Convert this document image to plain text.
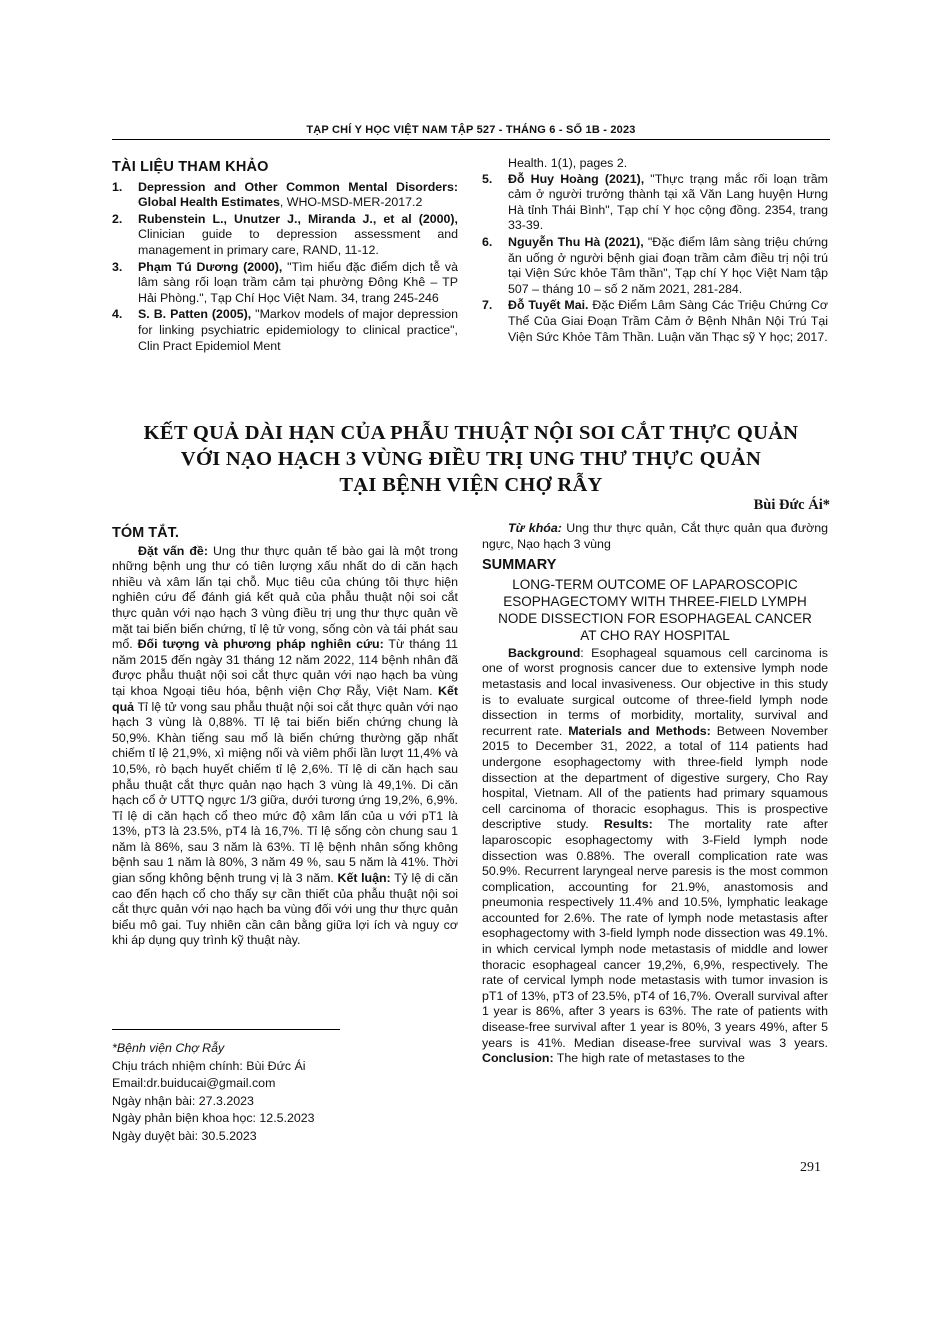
TẠP CHÍ Y HỌC VIỆT NAM TẬP 527 - THÁNG 6 - SỐ 1B - 2023
TÀI LIỆU THAM KHẢO
1. Depression and Other Common Mental Disorders: Global Health Estimates, WHO-MSD-MER-2017.2
2. Rubenstein L., Unutzer J., Miranda J., et al (2000), Clinician guide to depression assessment and management in primary care, RAND, 11-12.
3. Phạm Tú Dương (2000), "Tìm hiểu đặc điểm dịch tễ và lâm sàng rối loạn trầm cảm tại phường Đông Khê – TP Hải Phòng.", Tạp Chí Học Việt Nam. 34, trang 245-246
4. S. B. Patten (2005), "Markov models of major depression for linking psychiatric epidemiology to clinical practice", Clin Pract Epidemiol Ment
Health. 1(1), pages 2.
5. Đỗ Huy Hoàng (2021), "Thực trạng mắc rối loạn trầm cảm ở người trưởng thành tại xã Văn Lang huyện Hưng Hà tỉnh Thái Bình", Tạp chí Y học cộng đồng. 2354, trang 33-39.
6. Nguyễn Thu Hà (2021), "Đặc điểm lâm sàng triệu chứng ăn uống ở người bệnh giai đoạn trầm cảm điều trị nội trú tại Viện Sức khỏe Tâm thần", Tạp chí Y học Việt Nam tập 507 – tháng 10 – số 2 năm 2021, 281-284.
7. Đỗ Tuyết Mai. Đặc Điểm Lâm Sàng Các Triệu Chứng Cơ Thể Của Giai Đoạn Trầm Cảm ở Bệnh Nhân Nội Trú Tại Viện Sức Khỏe Tâm Thần. Luận văn Thạc sỹ Y học; 2017.
KẾT QUẢ DÀI HẠN CỦA PHẪU THUẬT NỘI SOI CẮT THỰC QUẢN
VỚI NẠO HẠCH 3 VÙNG ĐIỀU TRỊ UNG THƯ THỰC QUẢN
TẠI BỆNH VIỆN CHỢ RẪY
Bùi Đức Ái*
TÓM TẮT.

Đặt vấn đề: Ung thư thực quản tế bào gai là một trong những bệnh ung thư có tiên lượng xấu nhất do di căn hạch nhiều và xâm lấn tại chỗ. Mục tiêu của chúng tôi thực hiện nghiên cứu để đánh giá kết quả của phẫu thuật nội soi cắt thực quản với nạo hạch 3 vùng điều trị ung thư thực quản về mặt tai biến biến chứng, tỉ lệ tử vong, sống còn và tái phát sau mổ. Đối tượng và phương pháp nghiên cứu: Từ tháng 11 năm 2015 đến ngày 31 tháng 12 năm 2022, 114 bệnh nhân đã được phẫu thuật nội soi cắt thực quản với nạo hạch ba vùng tại khoa Ngoại tiêu hóa, bệnh viện Chợ Rẫy, Việt Nam. Kết quả Tỉ lệ tử vong sau phẫu thuật nội soi cắt thực quản với nạo hạch 3 vùng là 0,88%. Tỉ lệ tai biến biến chứng chung là 50,9%. Khàn tiếng sau mổ là biến chứng thường gặp nhất chiếm tỉ lệ 21,9%, xì miệng nối và viêm phổi lần lượt 11,4% và 10,5%, rò bạch huyết chiếm tỉ lệ 2,6%. Tỉ lệ di căn hạch sau phẫu thuật cắt thực quản nạo hạch 3 vùng là 49,1%. Di căn hạch cổ ở UTTQ ngực 1/3 giữa, dưới tương ứng 19,2%, 6,9%. Tỉ lệ di căn hạch cổ theo mức độ xâm lấn của u với pT1 là 13%, pT3 là 23.5%, pT4 là 16,7%. Tỉ lệ sống còn chung sau 1 năm là 86%, sau 3 năm là 63%. Tỉ lệ bệnh nhân sống không bệnh sau 1 năm là 80%, 3 năm 49 %, sau 5 năm là 41%. Thời gian sống không bệnh trung vị là 3 năm. Kết luận: Tỷ lệ di căn cao đến hạch cổ cho thấy sự cần thiết của phẫu thuật nội soi cắt thực quản với nạo hạch ba vùng đối với ung thư thực quản biểu mô gai. Tuy nhiên cần cân bằng giữa lợi ích và nguy cơ khi áp dụng quy trình kỹ thuật này.

*Bệnh viện Chợ Rẫy
Chịu trách nhiệm chính: Bùi Đức Ái
Email:dr.buiducai@gmail.com
Ngày nhận bài: 27.3.2023
Ngày phản biện khoa học: 12.5.2023
Ngày duyệt bài: 30.5.2023

Từ khóa: Ung thư thực quản, Cắt thực quản qua đường ngực, Nạo hạch 3 vùng

SUMMARY
LONG-TERM OUTCOME OF LAPAROSCOPIC
ESOPHAGECTOMY WITH THREE-FIELD LYMPH
NODE DISSECTION FOR ESOPHAGEAL CANCER
AT CHO RAY HOSPITAL

Background: Esophageal squamous cell carcinoma is one of worst prognosis cancer due to extensive lymph node metastasis and local invasiveness. Our objective in this study is to evaluate surgical outcome of three-field lymph node dissection in terms of morbidity, mortality, survival and recurrent rate. Materials and Methods: Between November 2015 to December 31, 2022, a total of 114 patients had undergone esophagectomy with three-field lymph node dissection at the department of digestive surgery, Cho Ray hospital, Vietnam. All of the patients had primary squamous cell carcinoma of thoracic esophagus. This is prospective descriptive study. Results: The mortality rate after laparoscopic esophagectomy with 3-Field lymph node dissection was 0.88%. The overall complication rate was 50.9%. Recurrent laryngeal nerve paresis is the most common complication, accounting for 21.9%, anastomosis and pneumonia respectively 11.4% and 10.5%, lymphatic leakage accounted for 2.6%. The rate of lymph node metastasis after esophagectomy with 3-field lymph node dissection was 49.1%. in which cervical lymph node metastasis of middle and lower thoracic esophageal cancer 19,2%, 6,9%, respectively. The rate of cervical lymph node metastasis with tumor invasion is pT1 of 13%, pT3 of 23.5%, pT4 of 16,7%. Overall survival after 1 year is 86%, after 3 years is 63%. The rate of patients with disease-free survival after 1 year is 80%, 3 years 49%, after 5 years is 41%. Median disease-free survival was 3 years. Conclusion: The high rate of metastases to the

291
